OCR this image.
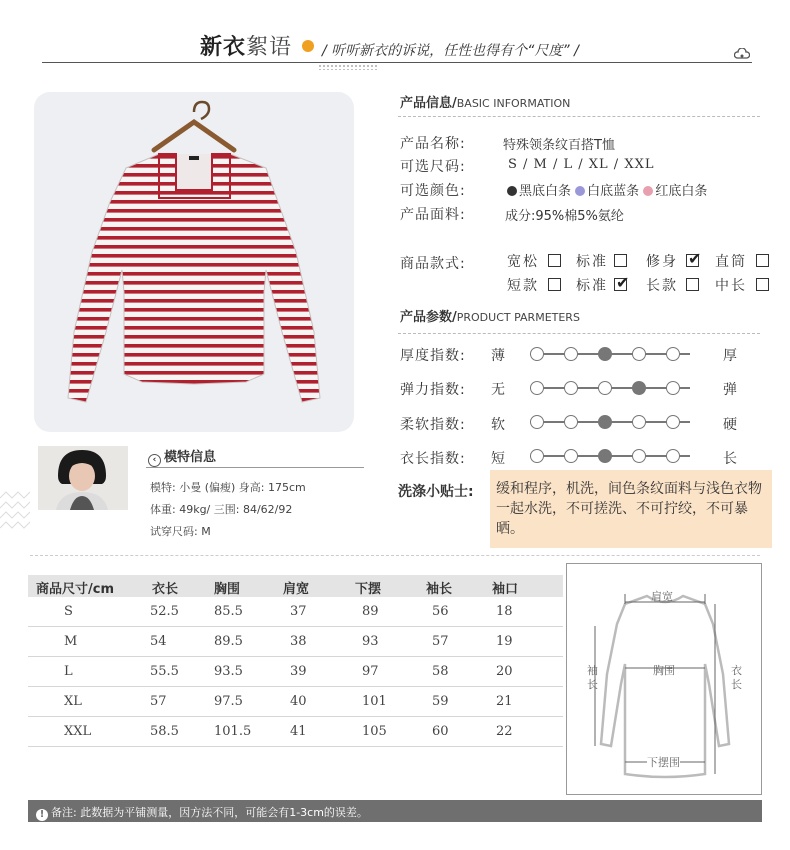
新衣絮语 / 听听新衣的诉说，任性也得有个“尺度” /
‹ 模特信息
模特: 小曼 (偏瘦) 身高: 175cm
体重: 49kg/ 三围: 84/62/92
试穿尺码: M
产品信息/BASIC INFORMATION
产品名称:	特殊领条纹百搭T恤
可选尺码:	S / M / L / XL / XXL
可选颜色:	黑底白条 白底蓝条 红底白条
产品面料:	成分:95%棉5%氨纶
商品款式:	宽松	标准	修身 ✔ 直筒
短款	标准 ✔ 长款	中长
产品参数/PRODUCT PARMETERS
厚度指数: 薄	厚
弹力指数: 无	弹
柔软指数: 软	硬
衣长指数: 短	长
洗涤小贴士:	缓和程序，机洗，间色条纹面料与浅色衣物一起水洗，不可搓洗、不可拧绞，不可暴晒。
商品尺寸/cm	衣长	胸围	肩宽	下摆	袖长	袖口
S	52.5	85.5	37	89	56	18
M	54	89.5	38	93	57	19
L	55.5	93.5	39	97	58	20
XL	57	97.5	40	101	59	21
XXL	58.5	101.5	41	105	60	22
肩宽
袖长
胸围	衣长
下摆围
! 备注: 此数据为平铺测量，因方法不同，可能会有1-3cm的误差。
